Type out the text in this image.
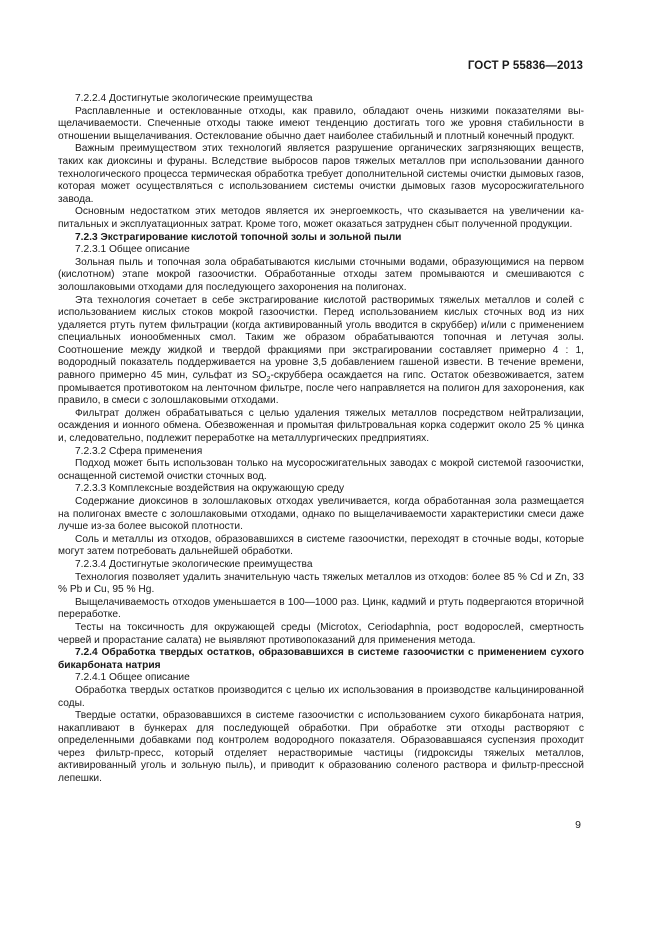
ГОСТ Р 55836—2013

7.2.2.4 Достигнутые экологические преимущества

Расплавленные и остеклованные отходы, как правило, обладают очень низкими показателями выщелачиваемости. Спеченные отходы также имеют тенденцию достигать того же уровня стабильности в отношении выщелачивания. Остеклование обычно дает наиболее стабильный и плотный конечный продукт.

Важным преимуществом этих технологий является разрушение органических загрязняющих веществ, таких как диоксины и фураны. Вследствие выбросов паров тяжелых металлов при использовании данного технологического процесса термическая обработка требует дополнительной системы очистки дымовых газов, которая может осуществляться с использованием системы очистки дымовых газов мусоросжигательного завода.

Основным недостатком этих методов является их энергоемкость, что сказывается на увеличении капитальных и эксплуатационных затрат. Кроме того, может оказаться затруднен сбыт полученной продукции.

7.2.3 Экстрагирование кислотой топочной золы и зольной пыли

7.2.3.1 Общее описание

Зольная пыль и топочная зола обрабатываются кислыми сточными водами, образующимися на первом (кислотном) этапе мокрой газоочистки. Обработанные отходы затем промываются и смешиваются с золошлаковыми отходами для последующего захоронения на полигонах.

Эта технология сочетает в себе экстрагирование кислотой растворимых тяжелых металлов и солей с использованием кислых стоков мокрой газоочистки. Перед использованием кислых сточных вод из них удаляется ртуть путем фильтрации (когда активированный уголь вводится в скруббер) и/или с применением специальных ионообменных смол. Таким же образом обрабатываются топочная и летучая золы. Соотношение между жидкой и твердой фракциями при экстрагировании составляет примерно 4 : 1, водородный показатель поддерживается на уровне 3,5 добавлением гашеной извести. В течение времени, равного примерно 45 мин, сульфат из $SO_2$-скруббера осаждается на гипс. Остаток обезвоживается, затем промывается противотоком на ленточном фильтре, после чего направляется на полигон для захоронения, как правило, в смеси с золошлаковыми отходами.

Фильтрат должен обрабатываться с целью удаления тяжелых металлов посредством нейтрализации, осаждения и ионного обмена. Обезвоженная и промытая фильтровальная корка содержит около 25 % цинка и, следовательно, подлежит переработке на металлургических предприятиях.

7.2.3.2 Сфера применения

Подход может быть использован только на мусоросжигательных заводах с мокрой системой газоочистки, оснащенной системой очистки сточных вод.

7.2.3.3 Комплексные воздействия на окружающую среду

Содержание диоксинов в золошлаковых отходах увеличивается, когда обработанная зола размещается на полигонах вместе с золошлаковыми отходами, однако по выщелачиваемости характеристики смеси даже лучше из-за более высокой плотности.

Соль и металлы из отходов, образовавшихся в системе газоочистки, переходят в сточные воды, которые могут затем потребовать дальнейшей обработки.

7.2.3.4 Достигнутые экологические преимущества

Технология позволяет удалить значительную часть тяжелых металлов из отходов: более 85 % Cd и Zn, 33 % Pb и Cu, 95 % Hg.

Выщелачиваемость отходов уменьшается в 100—1000 раз. Цинк, кадмий и ртуть подвергаются вторичной переработке.

Тесты на токсичность для окружающей среды (Microtox, Ceriodaphnia, рост водорослей, смертность червей и прорастание салата) не выявляют противопоказаний для применения метода.

7.2.4 Обработка твердых остатков, образовавшихся в системе газоочистки с применением сухого бикарбоната натрия

7.2.4.1 Общее описание

Обработка твердых остатков производится с целью их использования в производстве кальцинированной соды.

Твердые остатки, образовавшихся в системе газоочистки с использованием сухого бикарбоната натрия, накапливают в бункерах для последующей обработки. При обработке эти отходы растворяют с определенными добавками под контролем водородного показателя. Образовавшаяся суспензия проходит через фильтр-пресс, который отделяет нерастворимые частицы (гидроксиды тяжелых металлов, активированный уголь и зольную пыль), и приводит к образованию соленого раствора и фильтр-прессной лепешки.

9
